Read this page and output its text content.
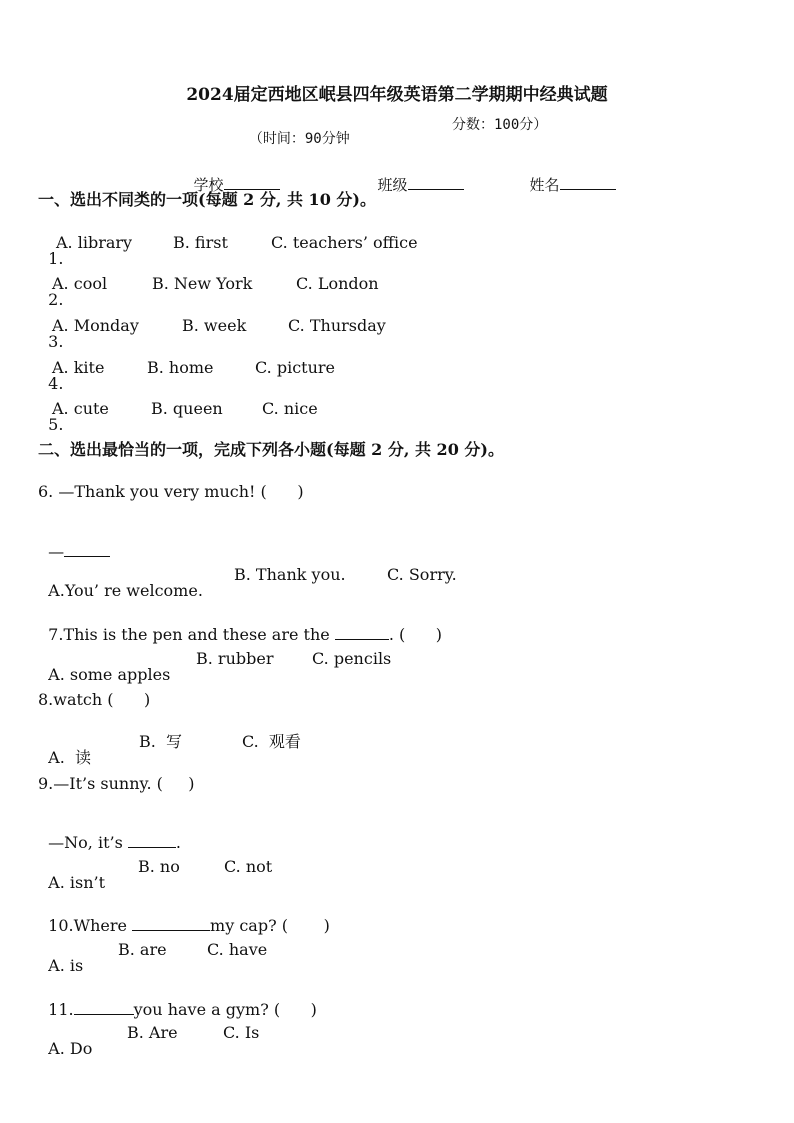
2024届定西地区岷县四年级英语第二学期期中经典试题

（时间：90分钟
分数：100分）

学校	班级	姓名

一、选出不同类的一项(每题 2 分, 共 10 分)。

1.

A. library

	B. first

	C. teachers’ office

2.

A. cool

	B. New York

	C. London

3.

A. Monday

	B. week

	C. Thursday

4.

A. kite

	B. home

	C. picture

5.

A. cute

	B. queen

C. nice

二、选出最恰当的一项，完成下列各小题(每题 2 分, 共 20 分)。
6. —Thank you very much! (      )

—

A.You’ re welcome.

B. Thank you.

	C. Sorry.

7.This is the pen and these are the	. (      )

A. some apples

B. rubber

C. pencils

8.watch (      )

A.  读

B.  写

	C.  观看

9.—It’s sunny. (     )

—No, it’s	.

A. isn’t

B. no

	C. not

10.Where	my cap? (       )

A. is

B. are

	C. have

11.	you have a gym? (      )

A. Do

B. Are

	C. Is
